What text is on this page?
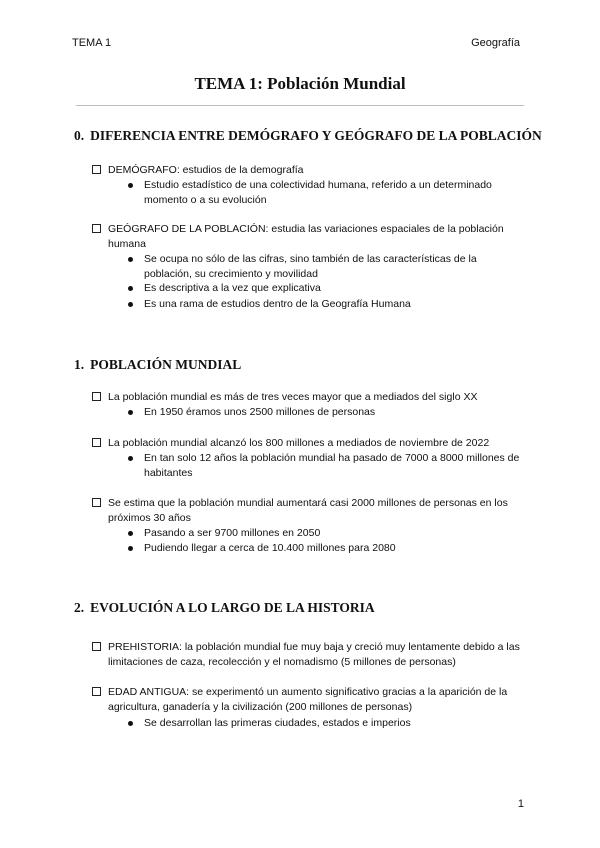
TEMA 1	Geografía
TEMA 1: Población Mundial
0. DIFERENCIA ENTRE DEMÓGRAFO Y GEÓGRAFO DE LA POBLACIÓN
DEMÓGRAFO: estudios de la demografía
Estudio estadístico de una colectividad humana, referido a un determinado momento o a su evolución
GEÓGRAFO DE LA POBLACIÓN: estudia las variaciones espaciales de la población humana
Se ocupa no sólo de las cifras, sino también de las características de la población, su crecimiento y movilidad
Es descriptiva a la vez que explicativa
Es una rama de estudios dentro de la Geografía Humana
1. POBLACIÓN MUNDIAL
La población mundial es más de tres veces mayor que a mediados del siglo XX
En 1950 éramos unos 2500 millones de personas
La población mundial alcanzó los 800 millones a mediados de noviembre de 2022
En tan solo 12 años la población mundial ha pasado de 7000 a 8000 millones de habitantes
Se estima que la población mundial aumentará casi 2000 millones de personas en los próximos 30 años
Pasando a ser 9700 millones en 2050
Pudiendo llegar a cerca de 10.400 millones para 2080
2. EVOLUCIÓN A LO LARGO DE LA HISTORIA
PREHISTORIA: la población mundial fue muy baja y creció muy lentamente debido a las limitaciones de caza, recolección y el nomadismo (5 millones de personas)
EDAD ANTIGUA: se experimentó un aumento significativo gracias a la aparición de la agricultura, ganadería y la civilización (200 millones de personas)
Se desarrollan las primeras ciudades, estados e imperios
1
